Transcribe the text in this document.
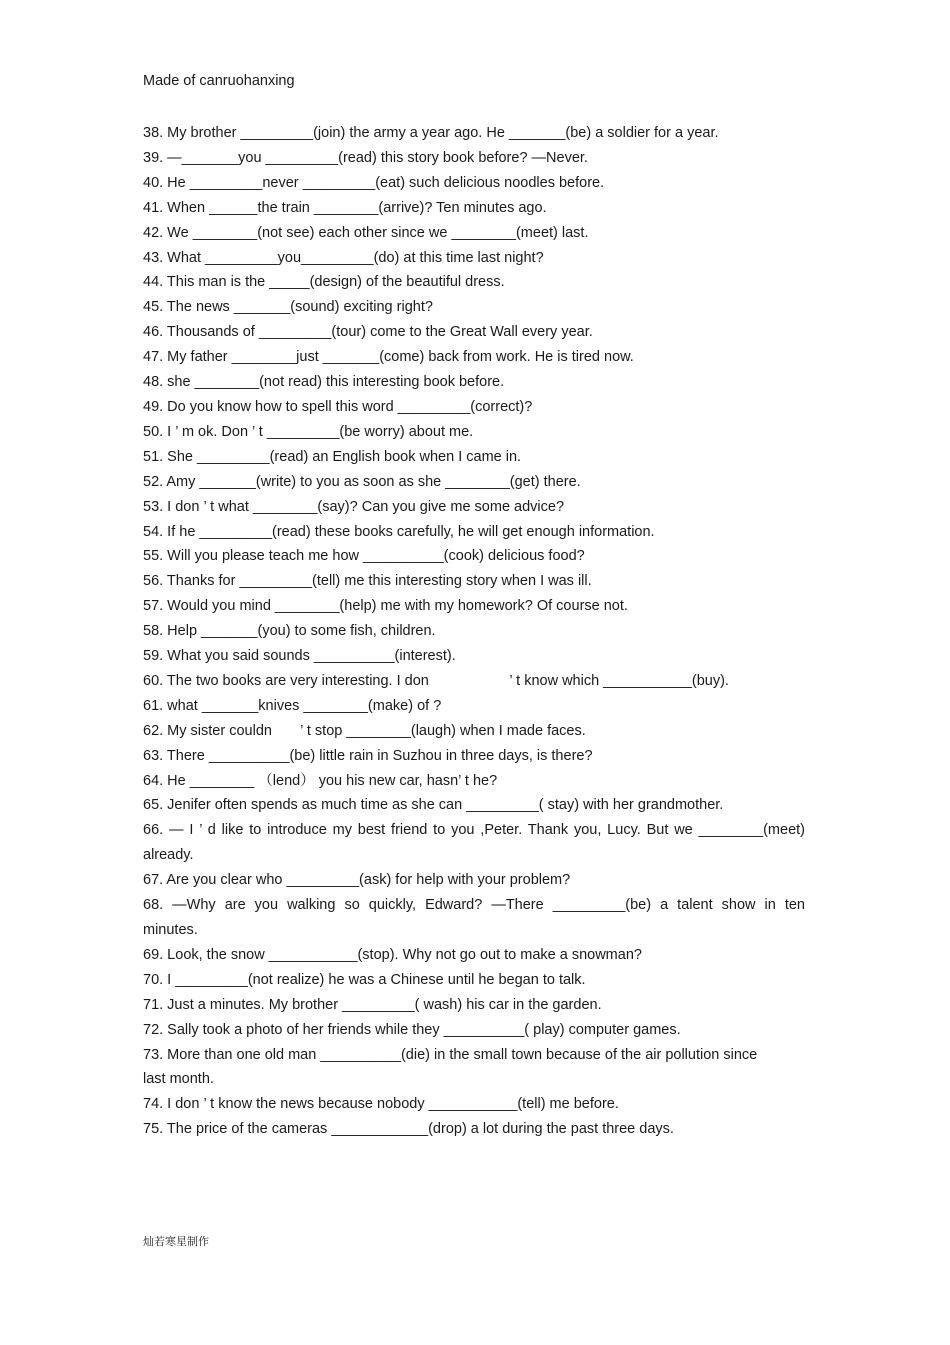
Made of canruohanxing
38. My brother _________(join) the army a year ago. He _______(be) a soldier for a year.
39. —_______you _________(read) this story book before? —Never.
40. He _________never _________(eat) such delicious noodles before.
41. When ______the train ________(arrive)? Ten minutes ago.
42. We ________(not see) each other since we ________(meet) last.
43. What _________you_________(do) at this time last night?
44. This man is the _____(design) of the beautiful dress.
45. The news _______(sound) exciting right?
46. Thousands of _________(tour) come to the Great Wall every year.
47. My father ________just _______(come) back from work. He is tired now.
48. she ________(not read) this interesting book before.
49. Do you know how to spell this word _________(correct)?
50. I ’ m ok. Don ’ t _________(be worry) about me.
51. She _________(read) an English book when I came in.
52. Amy _______(write) to you as soon as she ________(get) there.
53. I don ’ t what ________(say)? Can you give me some advice?
54. If he _________(read) these books carefully, he will get enough information.
55. Will you please teach me how __________(cook) delicious food?
56. Thanks for _________(tell) me this interesting story when I was ill.
57. Would you mind ________(help) me with my homework? Of course not.
58. Help _______(you) to some fish, children.
59. What you said sounds __________(interest).
60. The two books are very interesting. I don                    ’ t know which ___________(buy).
61. what _______knives ________(make) of ?
62. My sister couldn       ’ t stop ________(laugh) when I made faces.
63. There __________(be) little rain in Suzhou in three days, is there?
64. He ________ （lend） you his new car, hasn’ t he?
65. Jenifer often spends as much time as she can _________( stay) with her grandmother.
66. — I ’ d like to introduce my best friend to you ,Peter. Thank you, Lucy. But we ________(meet) already.
67. Are you clear who _________(ask) for help with your problem?
68. —Why are you walking so quickly, Edward? —There _________(be) a talent show in ten minutes.
69. Look, the snow ___________(stop). Why not go out to make a snowman?
70. I _________(not realize) he was a Chinese until he began to talk.
71. Just a minutes. My brother _________( wash) his car in the garden.
72. Sally took a photo of her friends while they __________( play) computer games.
73. More than one old man __________(die) in the small town because of the air pollution since last month.
74. I don ’ t know the news because nobody ___________(tell) me before.
75. The price of the cameras ____________(drop) a lot during the past three days.
灿若寒星制作
